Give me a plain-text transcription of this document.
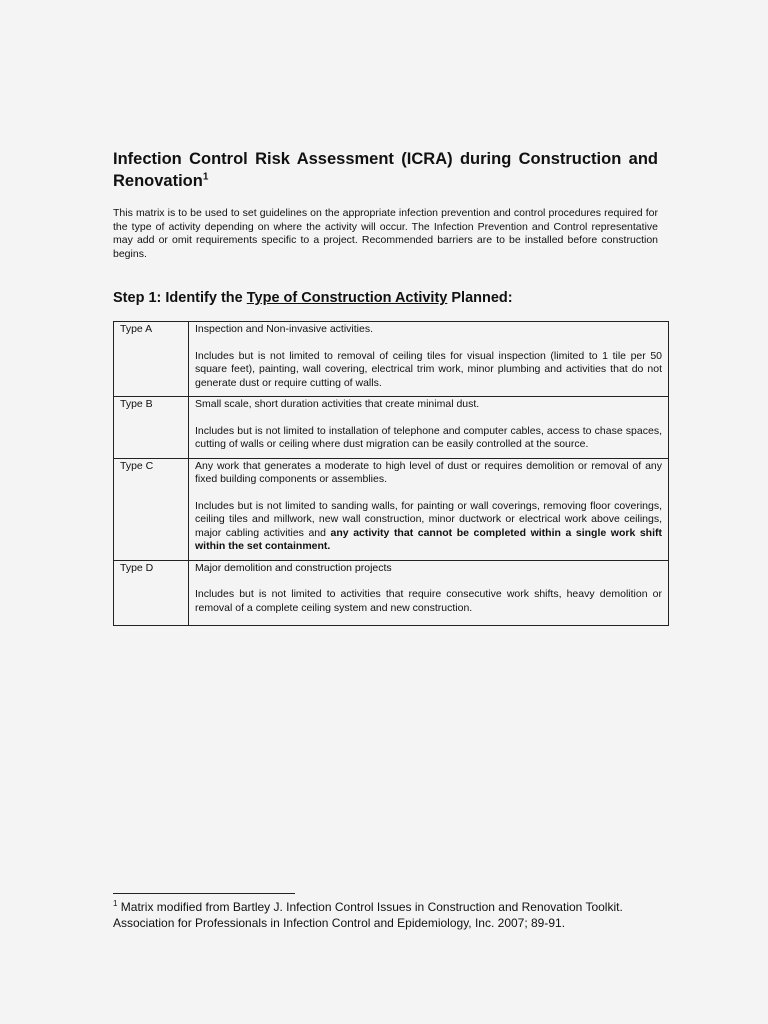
Infection Control Risk Assessment (ICRA) during Construction and Renovation$^1$

This matrix is to be used to set guidelines on the appropriate infection prevention and control procedures required for the type of activity depending on where the activity will occur. The Infection Prevention and Control representative may add or omit requirements specific to a project. Recommended barriers are to be installed before construction begins.

Step 1: Identify the Type of Construction Activity Planned:
Type A	Inspection and Non-invasive activities.

Includes but is not limited to removal of ceiling tiles for visual inspection (limited to 1 tile per 50 square feet), painting, wall covering, electrical trim work, minor plumbing and activities that do not generate dust or require cutting of walls.

Type B	Small scale, short duration activities that create minimal dust.

Includes but is not limited to installation of telephone and computer cables, access to chase spaces, cutting of walls or ceiling where dust migration can be easily controlled at the source.

Type C	Any work that generates a moderate to high level of dust or requires demolition or removal of any fixed building components or assemblies.

Includes but is not limited to sanding walls, for painting or wall coverings, removing floor coverings, ceiling tiles and millwork, new wall construction, minor ductwork or electrical work above ceilings, major cabling activities and any activity that cannot be completed within a single work shift within the set containment.

Type D	Major demolition and construction projects

Includes but is not limited to activities that require consecutive work shifts, heavy demolition or removal of a complete ceiling system and new construction.

$^1$ Matrix modified from Bartley J. Infection Control Issues in Construction and Renovation Toolkit. Association for Professionals in Infection Control and Epidemiology, Inc. 2007; 89-91.
